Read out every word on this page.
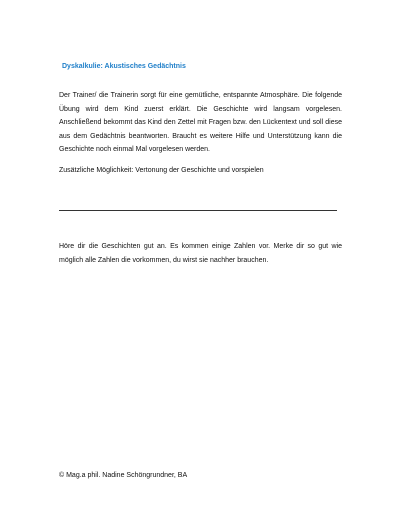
Dyskalkulie: Akustisches Gedächtnis
Der Trainer/ die Trainerin sorgt für eine gemütliche, entspannte Atmosphäre. Die folgende Übung wird dem Kind zuerst erklärt. Die Geschichte wird langsam vorgelesen. Anschließend bekommt das Kind den Zettel mit Fragen bzw. den Lückentext und soll diese aus dem Gedächtnis beantworten. Braucht es weitere Hilfe und Unterstützung kann die Geschichte noch einmal Mal vorgelesen werden.
Zusätzliche Möglichkeit: Vertonung der Geschichte und vorspielen
Höre dir die Geschichten gut an. Es kommen einige Zahlen vor. Merke dir so gut wie möglich alle Zahlen die vorkommen, du wirst sie nachher brauchen.
© Mag.a phil. Nadine Schöngrundner, BA
